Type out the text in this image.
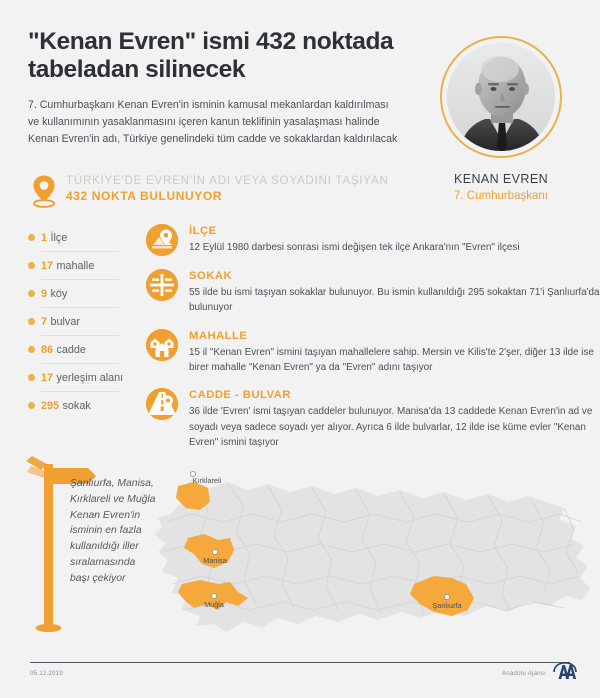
"Kenan Evren" ismi 432 noktada tabeladan silinecek
7. Cumhurbaşkanı Kenan Evren'in isminin kamusal mekanlardan kaldırılması ve kullanımının yasaklanmasını içeren kanun teklifinin yasalaşması halinde Kenan Evren'in adı, Türkiye genelindeki tüm cadde ve sokaklardan kaldırılacak
KENAN EVREN
7. Cumhurbaşkanı
TÜRKİYE'DE EVREN'İN ADI VEYA SOYADINI TAŞIYAN
432 NOKTA BULUNUYOR
1 İlçe
17 mahalle
9 köy
7 bulvar
86 cadde
17 yerleşim alanı
295 sokak
İLÇE
12 Eylül 1980 darbesi sonrası ismi değişen tek ilçe Ankara'nın "Evren" ilçesi
SOKAK
55 ilde bu ismi taşıyan sokaklar bulunuyor. Bu ismin kullanıldığı 295 sokaktan 71'i Şanlıurfa'da bulunuyor
MAHALLE
15 il "Kenan Evren" ismini taşıyan mahallelere sahip. Mersin ve Kilis'te 2'şer, diğer 13 ilde ise birer mahalle "Kenan Evren" ya da "Evren" adını taşıyor
CADDE - BULVAR
36 ilde 'Evren' ismi taşıyan caddeler bulunuyor. Manisa'da 13 caddede Kenan Evren'in ad ve soyadı veya sadece soyadı yer alıyor. Ayrıca 6 ilde bulvarlar, 12 ilde ise küme evler "Kenan Evren" ismini taşıyor
Şanlıurfa, Manisa, Kırklareli ve Muğla Kenan Evren'in isminin en fazla kullanıldığı iller sıralamasında başı çekiyor
Kırklareli
Manisa
Muğla	Şanlıurfa
05.12.2019	Anadolu Ajansı
